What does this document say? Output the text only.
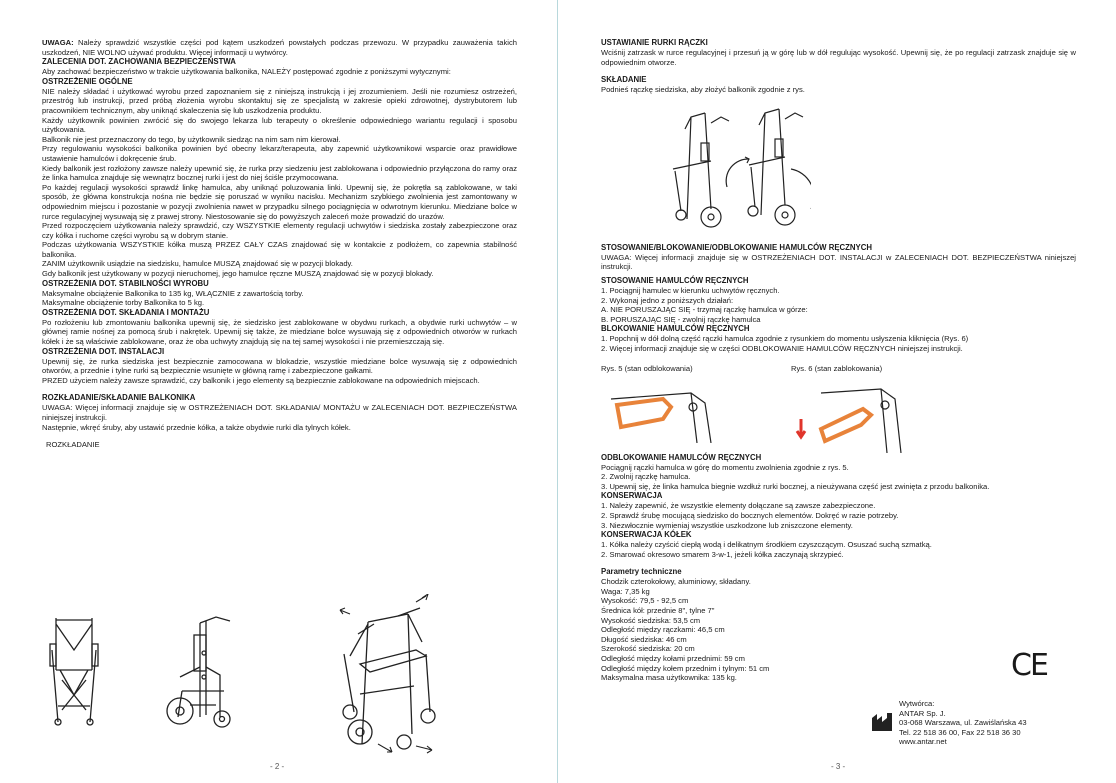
UWAGA: Należy sprawdzić wszystkie części pod kątem uszkodzeń powstałych podczas przewozu. W przypadku zauważenia takich uszkodzeń, NIE WOLNO używać produktu. Więcej informacji u wytwórcy.

ZALECENIA DOT. ZACHOWANIA BEZPIECZEŃSTWA

Aby zachować bezpieczeństwo w trakcie użytkowania balkonika, NALEŻY postępować zgodnie z poniższymi wytycznymi:

OSTRZEŻENIE OGÓLNE

NIE należy składać i użytkować wyrobu przed zapoznaniem się z niniejszą instrukcją i jej zrozumieniem. Jeśli nie rozumiesz ostrzeżeń, przestróg lub instrukcji, przed próbą złożenia wyrobu skontaktuj się ze specjalistą w zakresie opieki zdrowotnej, dystrybutorem lub pracownikiem technicznym, aby uniknąć skaleczenia się lub uszkodzenia produktu.

Każdy użytkownik powinien zwrócić się do swojego lekarza lub terapeuty o określenie odpowiedniego wariantu regulacji i sposobu użytkowania.

Balkonik nie jest przeznaczony do tego, by użytkownik siedząc na nim sam nim kierował.

Przy regulowaniu wysokości balkonika powinien być obecny lekarz/terapeuta, aby zapewnić użytkownikowi wsparcie oraz prawidłowe ustawienie hamulców i dokręcenie śrub.

Kiedy balkonik jest rozłożony zawsze należy upewnić się, że rurka przy siedzeniu jest zablokowana i odpowiednio przyłączona do ramy oraz że linka hamulca znajduje się wewnątrz bocznej rurki i jest do niej ściśle przymocowana.

Po każdej regulacji wysokości sprawdź linkę hamulca, aby uniknąć poluzowania linki. Upewnij się, że pokrętła są zablokowane, w taki sposób, że główna konstrukcja nośna nie będzie się poruszać w wyniku nacisku. Mechanizm szybkiego zwolnienia jest zamontowany w odpowiednim miejscu i pozostanie w pozycji zwolnienia nawet w przypadku silnego pociągnięcia w odwrotnym kierunku. Miedziane bolce w rurce regulacyjnej wysuwają się z prawej strony. Niestosowanie się do powyższych zaleceń może prowadzić do urazów.

Przed rozpoczęciem użytkowania należy sprawdzić, czy WSZYSTKIE elementy regulacji uchwytów i siedziska zostały zabezpieczone oraz czy kółka i ruchome części wyrobu są w dobrym stanie.

Podczas użytkowania WSZYSTKIE kółka muszą PRZEZ CAŁY CZAS znajdować się w kontakcie z podłożem, co zapewnia stabilność balkonika.

ZANIM użytkownik usiądzie na siedzisku, hamulce MUSZĄ znajdować się w pozycji blokady.

Gdy balkonik jest użytkowany w pozycji nieruchomej, jego hamulce ręczne MUSZĄ znajdować się w pozycji blokady.

OSTRZEŻENIA DOT. STABILNOŚCI WYROBU

Maksymalne obciążenie Balkonika to 135 kg, WŁĄCZNIE z zawartością torby.

Maksymalne obciążenie torby Balkonika to 5 kg.

OSTRZEŻENIA DOT. SKŁADANIA I MONTAŻU

Po rozłożeniu lub zmontowaniu balkonika upewnij się, że siedzisko jest zablokowane w obydwu rurkach, a obydwie rurki uchwytów – w głównej ramie nośnej za pomocą śrub i nakrętek. Upewnij się także, że miedziane bolce wysuwają się z odpowiednich otworów w rurkach kółek i że są właściwie zablokowane, oraz że oba uchwyty znajdują się na tej samej wysokości i nie przemieszczają się.

OSTRZEŻENIA DOT. INSTALACJI

Upewnij się, że rurka siedziska jest bezpiecznie zamocowana w blokadzie, wszystkie miedziane bolce wysuwają się z odpowiednich otworów, a przednie i tylne rurki są bezpiecznie wsunięte w główną ramę i zabezpieczone gałkami.

PRZED użyciem należy zawsze sprawdzić, czy balkonik i jego elementy są bezpiecznie zablokowane na odpowiednich miejscach.

ROZKŁADANIE/SKŁADANIE BALKONIKA

UWAGA: Więcej informacji znajduje się w OSTRZEŻENIACH DOT. SKŁADANIA/ MONTAŻU w ZALECENIACH DOT. BEZPIECZEŃSTWA niniejszej instrukcji.

Następnie, wkręć śruby, aby ustawić przednie kółka, a także obydwie rurki dla tylnych kółek.

ROZKŁADANIE

- 2 -
USTAWIANIE RURKI RĄCZKI

Wciśnij zatrzask w rurce regulacyjnej i przesuń ją w górę lub w dół regulując wysokość. Upewnij się, że po regulacji zatrzask znajduje się w odpowiednim otworze.

SKŁADANIE

Podnieś rączkę siedziska, aby złożyć balkonik zgodnie z rys.

STOSOWANIE/BLOKOWANIE/ODBLOKOWANIE HAMULCÓW RĘCZNYCH

UWAGA: Więcej informacji znajduje się w OSTRZEŻENIACH DOT. INSTALACJI w ZALECENIACH DOT. BEZPIECZEŃSTWA niniejszej instrukcji.

STOSOWANIE HAMULCÓW RĘCZNYCH

1. Pociągnij hamulec w kierunku uchwytów ręcznych.

2. Wykonaj jedno z poniższych działań:

A. NIE PORUSZAJĄC SIĘ - trzymaj rączkę hamulca w górze:

B. PORUSZAJĄC SIĘ - zwolnij rączkę hamulca

BLOKOWANIE HAMULCÓW RĘCZNYCH

1. Popchnij w dół dolną część rączki hamulca zgodnie z rysunkiem do momentu usłyszenia kliknięcia (Rys. 6)

2. Więcej informacji znajduje się w części ODBLOKOWANIE HAMULCÓW RĘCZNYCH niniejszej instrukcji.

Rys. 5 (stan odblokowania)	Rys. 6 (stan zablokowania)
ODBLOKOWANIE HAMULCÓW RĘCZNYCH

Pociągnij rączki hamulca w górę do momentu zwolnienia zgodnie z rys. 5.

2. Zwolnij rączkę hamulca.

3. Upewnij się, że linka hamulca biegnie wzdłuż rurki bocznej, a nieużywana część jest zwinięta z przodu balkonika.

KONSERWACJA

1. Należy zapewnić, że wszystkie elementy dołączane są zawsze zabezpieczone.

2. Sprawdź śrubę mocującą siedzisko do bocznych elementów. Dokręć w razie potrzeby.

3. Niezwłocznie wymieniaj wszystkie uszkodzone lub zniszczone elementy.

KONSERWACJA KÓŁEK

1. Kółka należy czyścić ciepłą wodą i delikatnym środkiem czyszczącym. Osuszać suchą szmatką.

2. Smarować okresowo smarem 3-w-1, jeżeli kółka zaczynają skrzypieć.

Parametry techniczne

Chodzik czterokołowy, aluminiowy, składany.

Waga: 7,35 kg

Wysokość: 79,5 - 92,5 cm

Średnica kół: przednie 8", tylne 7"

Wysokość siedziska: 53,5 cm

Odległość między rączkami: 46,5 cm

Długość siedziska: 46 cm

Szerokość siedziska: 20 cm

Odległość między kołami przednimi: 59 cm

Odległość między kołem przednim i tylnym: 51 cm

Maksymalna masa użytkownika: 135 kg.	CE

Wytwórca:

ANTAR Sp. J.

03-068 Warszawa, ul. Zawiślańska 43

Tel. 22 518 36 00, Fax 22 518 36 30

www.antar.net

- 3 -
